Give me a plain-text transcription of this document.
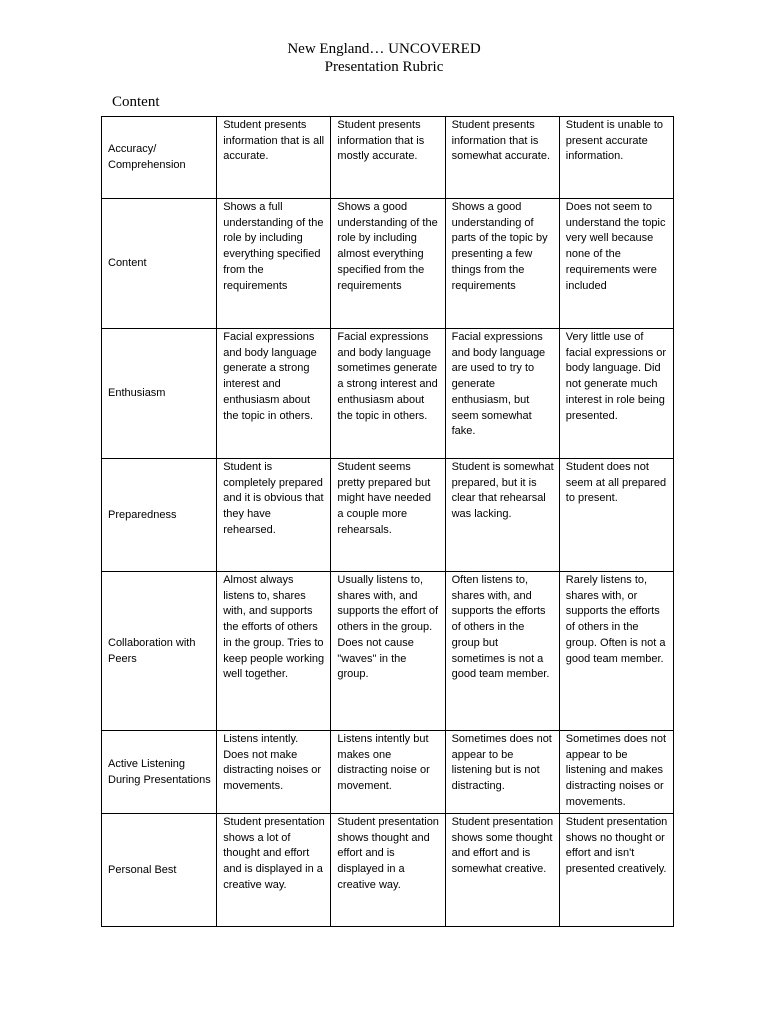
New England… UNCOVERED
Presentation Rubric
Content
Accuracy/ Comprehension	Student presents information that is all accurate.	Student presents information that is mostly accurate.	Student presents information that is somewhat accurate.	Student is unable to present accurate information.
Content	Shows a full understanding of the role by including everything specified from the requirements	Shows a good understanding of the role by including almost everything specified from the requirements	Shows a good understanding of parts of the topic by presenting a few things from the requirements	Does not seem to understand the topic very well because none of the requirements were included
Enthusiasm	Facial expressions and body language generate a strong interest and enthusiasm about the topic in others.	Facial expressions and body language sometimes generate a strong interest and enthusiasm about the topic in others.	Facial expressions and body language are used to try to generate enthusiasm, but seem somewhat fake.	Very little use of facial expressions or body language. Did not generate much interest in role being presented.
Preparedness	Student is completely prepared and it is obvious that they have rehearsed.	Student seems pretty prepared but might have needed a couple more rehearsals.	Student is somewhat prepared, but it is clear that rehearsal was lacking.	Student does not seem at all prepared to present.
Collaboration with Peers	Almost always listens to, shares with, and supports the efforts of others in the group. Tries to keep people working well together.	Usually listens to, shares with, and supports the effort of others in the group. Does not cause "waves" in the group.	Often listens to, shares with, and supports the efforts of others in the group but sometimes is not a good team member.	Rarely listens to, shares with, or supports the efforts of others in the group. Often is not a good team member.
Active Listening During Presentations	Listens intently. Does not make distracting noises or movements.	Listens intently but makes one distracting noise or movement.	Sometimes does not appear to be listening but is not distracting.	Sometimes does not appear to be listening and makes distracting noises or movements.
Personal Best	Student presentation shows a lot of thought and effort and is displayed in a creative way.	Student presentation shows thought and effort and is displayed in a creative way.	Student presentation shows some thought and effort and is somewhat creative.	Student presentation shows no thought or effort and isn't presented creatively.
